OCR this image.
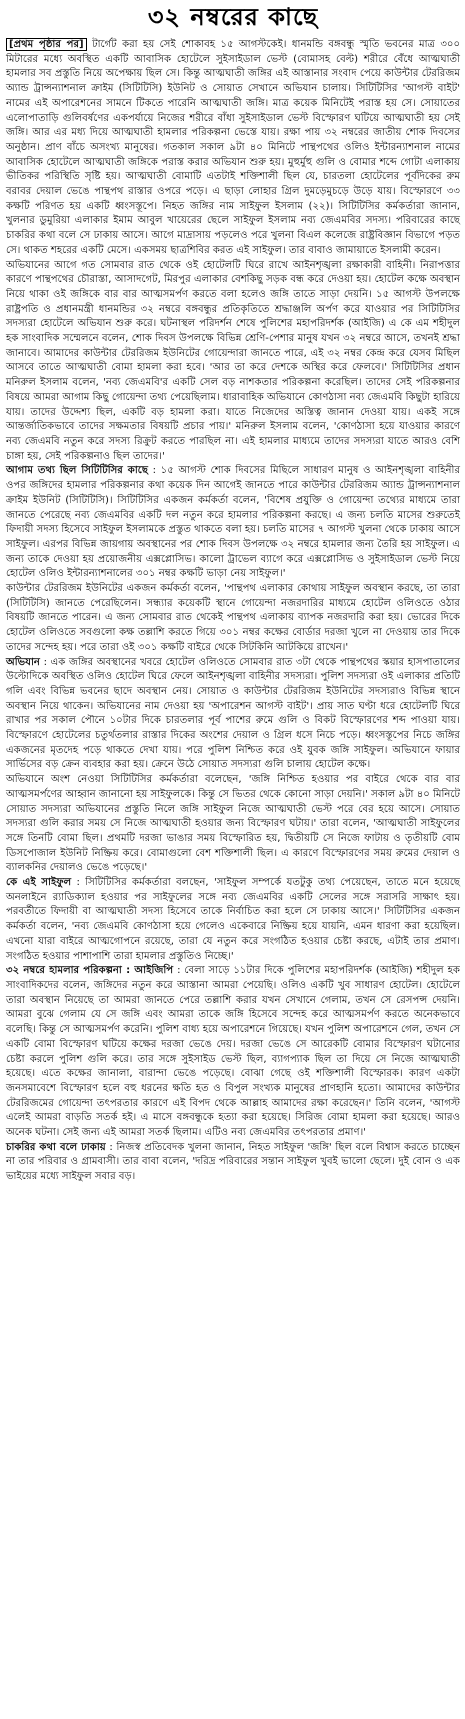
৩২ নম্বরের কাছে

[প্রথম পৃষ্ঠার পর] টার্গেট করা হয় সেই শোকাবহ ১৫ আগস্টকেই। ধানমন্ডি বঙ্গবন্ধু স্মৃতি ভবনের মাত্র ৩০০ মিটারের মধ্যে অবস্থিত একটি আবাসিক হোটেলে সুইসাইডাল ভেস্ট (বোমাসহ বেল্ট) শরীরে বেঁধে আত্মঘাতী হামলার সব প্রস্তুতি নিয়ে অপেক্ষায় ছিল সে। কিন্তু আত্মঘাতী জঙ্গির এই আস্তানার সংবাদ পেয়ে কাউন্টার টেররিজম অ্যান্ড ট্রান্সন্যাশনাল ক্রাইম (সিটিটিসি) ইউনিট ও সোয়াত সেখানে অভিযান চালায়। সিটিটিসির 'আগস্ট বাইট' নামের এই অপারেশনের সামনে টিকতে পারেনি আত্মঘাতী জঙ্গি। মাত্র কয়েক মিনিটেই পরাস্ত হয় সে। সোয়াতের এলোপাতাড়ি গুলিবর্ষণের একপর্যায়ে নিজের শরীরে বাঁধা সুইসাইডাল ভেস্ট বিস্ফোরণ ঘটিয়ে আত্মঘাতী হয় সেই জঙ্গি। আর এর মধ্য দিয়ে আত্মঘাতী হামলার পরিকল্পনা ভেস্তে যায়। রক্ষা পায় ৩২ নম্বরের জাতীয় শোক দিবসের অনুষ্ঠান। প্রাণ বাঁচে অসংখ্য মানুষের। গতকাল সকাল ৯টা ৪০ মিনিটে পান্থপথের ওলিও ইন্টারন্যাশনাল নামের আবাসিক হোটেলে আত্মঘাতী জঙ্গিকে পরাস্ত করার অভিযান শুরু হয়। মুহুর্মুহু গুলি ও বোমার শব্দে গোটা এলাকায় ভীতিকর পরিস্থিতি সৃষ্টি হয়। আত্মঘাতী বোমাটি এতটাই শক্তিশালী ছিল যে, চারতলা হোটেলের পূর্বদিকের রুম বরাবর দেয়াল ভেঙে পান্থপথ রাস্তার ওপরে পড়ে। এ ছাড়া লোহার গ্রিল দুমড়েমুচড়ে উড়ে যায়। বিস্ফোরণে ৩৩ কক্ষটি পরিণত হয় একটি ধ্বংসস্তূপে। নিহত জঙ্গির নাম সাইফুল ইসলাম (২২)। সিটিটিসির কর্মকর্তারা জানান, খুলনার ডুমুরিয়া এলাকার ইমাম আবুল খায়েরের ছেলে সাইফুল ইসলাম নব্য জেএমবির সদস্য। পরিবারের কাছে চাকরির কথা বলে সে ঢাকায় আসে। আগে মাদ্রাসায় পড়লেও পরে খুলনা বিএল কলেজে রাষ্ট্রবিজ্ঞান বিভাগে পড়ত সে। থাকত শহরের একটি মেসে। একসময় ছাত্রশিবির করত এই সাইফুল। তার বাবাও জামায়াতে ইসলামী করেন।

অভিযানের আগে গত সোমবার রাত থেকে ওই হোটেলটি ঘিরে রাখে আইনশৃঙ্খলা রক্ষাকারী বাহিনী। নিরাপত্তার কারণে পান্থপথের চৌরাস্তা, আসাদগেট, মিরপুর এলাকার বেশকিছু সড়ক বন্ধ করে দেওয়া হয়। হোটেল কক্ষে অবস্থান নিয়ে থাকা ওই জঙ্গিকে বার বার আত্মসমর্পণ করতে বলা হলেও জঙ্গি তাতে সাড়া দেয়নি। ১৫ আগস্ট উপলক্ষে রাষ্ট্রপতি ও প্রধানমন্ত্রী ধানমন্ডির ৩২ নম্বরে বঙ্গবন্ধুর প্রতিকৃতিতে শ্রদ্ধাঞ্জলি অর্পণ করে যাওয়ার পর সিটিটিসির সদস্যরা হোটেলে অভিযান শুরু করে। ঘটনাস্থল পরিদর্শন শেষে পুলিশের মহাপরিদর্শক (আইজি) এ কে এম শহীদুল হক সাংবাদিক সম্মেলনে বলেন, শোক দিবস উপলক্ষে বিভিন্ন শ্রেণি-পেশার মানুষ যখন ৩২ নম্বরে আসে, তখনই শ্রদ্ধা জানাবে। আমাদের কাউন্টার টেররিজম ইউনিটের গোয়েন্দারা জানতে পারে, এই ৩২ নম্বর কেন্দ্র করে যেসব মিছিল আসবে তাতে আত্মঘাতী বোমা হামলা করা হবে। 'আর তা করে দেশকে অস্থির করে ফেলবে।' সিটিটিসির প্রধান মনিরুল ইসলাম বলেন, 'নব্য জেএমবি'র একটি সেল বড় নাশকতার পরিকল্পনা করেছিল। তাদের সেই পরিকল্পনার বিষয়ে আমরা আগাম কিছু গোয়েন্দা তথ্য পেয়েছিলাম। ধারাবাহিক অভিযানে কোণঠাসা নব্য জেএমবি কিছুটা হারিয়ে যায়। তাদের উদ্দেশ্য ছিল, একটি বড় হামলা করা। যাতে নিজেদের অস্তিত্ব জানান দেওয়া যায়। একই সঙ্গে আন্তর্জাতিকভাবে তাদের সক্ষমতার বিষয়টি প্রচার পায়।' মনিরুল ইসলাম বলেন, 'কোণঠাসা হয়ে যাওয়ার কারণে নব্য জেএমবি নতুন করে সদস্য রিক্রুট করতে পারছিল না। এই হামলার মাধ্যমে তাদের সদস্যরা যাতে আরও বেশি চাঙ্গা হয়, সেই পরিকল্পনাও ছিল তাদের।'

আগাম তথ্য ছিল সিটিটিসির কাছে : ১৫ আগস্ট শোক দিবসের মিছিলে সাধারণ মানুষ ও আইনশৃঙ্খলা বাহিনীর ওপর জঙ্গিদের হামলার পরিকল্পনার কথা কয়েক দিন আগেই জানতে পারে কাউন্টার টেররিজম অ্যান্ড ট্রান্সন্যাশনাল ক্রাইম ইউনিট (সিটিটিসি)। সিটিটিসির একজন কর্মকর্তা বলেন, 'বিশেষ প্রযুক্তি ও গোয়েন্দা তথ্যের মাধ্যমে তারা জানতে পেরেছে নব্য জেএমবির একটি দল নতুন করে হামলার পরিকল্পনা করছে। এ জন্য চলতি মাসের শুরুতেই ফিদায়ী সদস্য হিসেবে সাইফুল ইসলামকে প্রস্তুত থাকতে বলা হয়। চলতি মাসের ৭ আগস্ট খুলনা থেকে ঢাকায় আসে সাইফুল। এরপর বিভিন্ন জায়গায় অবস্থানের পর শোক দিবস উপলক্ষে ৩২ নম্বরে হামলার জন্য তৈরি হয় সাইফুল। এ জন্য তাকে দেওয়া হয় প্রয়োজনীয় এক্সপ্লোসিভ। কালো ট্রাভেল ব্যাগে করে এক্সপ্লোসিভ ও সুইসাইডাল ভেস্ট নিয়ে হোটেল ওলিও ইন্টারন্যাশনালের ৩০১ নম্বর কক্ষটি ভাড়া নেয় সাইফুল।'

কাউন্টার টেররিজম ইউনিটের একজন কর্মকর্তা বলেন, 'পান্থপথ এলাকার কোথায় সাইফুল অবস্থান করছে, তা তারা (সিটিটিসি) জানতে পেরেছিলেন। সন্ধ্যার কয়েকটি স্থানে গোয়েন্দা নজরদারির মাধ্যমে হোটেল ওলিওতে ওঠার বিষয়টি জানতে পারেন। এ জন্য সোমবার রাত থেকেই পান্থপথ এলাকায় ব্যাপক নজরদারি করা হয়। ভোরের দিকে হোটেল ওলিওতে সবগুলো কক্ষ তল্লাশি করতে গিয়ে ৩০১ নম্বর কক্ষের বোর্ডার দরজা খুলে না দেওয়ায় তার দিকে তাদের সন্দেহ হয়। পরে তারা ওই ৩০১ কক্ষটি বাইরে থেকে সিটকিনি আটকিয়ে রাখেন।'

অভিযান : এক জঙ্গির অবস্থানের খবরে হোটেল ওলিওতে সোমবার রাত ৩টা থেকে পান্থপথের স্কয়ার হাসপাতালের উল্টোদিকে অবস্থিত ওলিও হোটেল ঘিরে ফেলে আইনশৃঙ্খলা বাহিনীর সদস্যরা। পুলিশ সদস্যরা ওই এলাকার প্রতিটি গলি এবং বিভিন্ন ভবনের ছাদে অবস্থান নেয়। সোয়াত ও কাউন্টার টেররিজম ইউনিটের সদস্যরাও বিভিন্ন স্থানে অবস্থান নিয়ে থাকেন। অভিযানের নাম দেওয়া হয় 'অপারেশন আগস্ট বাইট'। প্রায় সাত ঘণ্টা ধরে হোটেলটি ঘিরে রাখার পর সকাল পৌনে ১০টার দিকে চারতলার পূর্ব পাশের রুমে গুলি ও বিকট বিস্ফোরণের শব্দ পাওয়া যায়। বিস্ফোরণে হোটেলের চতুর্থতলার রাস্তার দিকের অংশের দেয়াল ও গ্রিল ধসে নিচে পড়ে। ধ্বংসস্তূপের নিচে জঙ্গির একজনের মৃতদেহ পড়ে থাকতে দেখা যায়। পরে পুলিশ নিশ্চিত করে ওই যুবক জঙ্গি সাইফুল। অভিযানে ফায়ার সার্ভিসের বড় ক্রেন ব্যবহার করা হয়। ক্রেনে উঠে সোয়াত সদস্যরা গুলি চালায় হোটেল কক্ষে।

অভিযানে অংশ নেওয়া সিটিটিসির কর্মকর্তারা বলেছেন, 'জঙ্গি নিশ্চিত হওয়ার পর বাইরে থেকে বার বার আত্মসমর্পণের আহ্বান জানানো হয় সাইফুলকে। কিন্তু সে ভিতর থেকে কোনো সাড়া দেয়নি।' সকাল ৯টা ৪০ মিনিটে সোয়াত সদস্যরা অভিযানের প্রস্তুতি নিলে জঙ্গি সাইফুল নিজে আত্মঘাতী ভেস্ট পরে বের হয়ে আসে। সোয়াত সদস্যরা গুলি করার সময় সে নিজে আত্মঘাতী হওয়ার জন্য বিস্ফোরণ ঘটায়।' তারা বলেন, 'আত্মঘাতী সাইফুলের সঙ্গে তিনটি বোমা ছিল। প্রথমটি দরজা ভাঙার সময় বিস্ফোরিত হয়, দ্বিতীয়টি সে নিজে ফাটায় ও তৃতীয়টি বোম ডিসপোজাল ইউনিট নিষ্ক্রিয় করে। বোমাগুলো বেশ শক্তিশালী ছিল। এ কারণে বিস্ফোরণের সময় রুমের দেয়াল ও ব্যালকনির দেয়ালও ভেঙে পড়েছে।'

কে এই সাইফুল : সিটিটিসির কর্মকর্তারা বলছেন, 'সাইফুল সম্পর্কে যতটুকু তথ্য পেয়েছেন, তাতে মনে হয়েছে অনলাইনে র‌্যাডিক্যাল হওয়ার পর সাইফুলের সঙ্গে নব্য জেএমবির একটি সেলের সঙ্গে সরাসরি সাক্ষাৎ হয়। পরবর্তীতে ফিদায়ী বা আত্মঘাতী সদস্য হিসেবে তাকে নির্বাচিত করা হলে সে ঢাকায় আসে।' সিটিটিসির একজন কর্মকর্তা বলেন, 'নব্য জেএমবি কোণঠাসা হয়ে গেলেও একেবারে নিষ্ক্রিয় হয়ে যায়নি, এমন ধারণা করা হয়েছিল। এখনো যারা বাইরে আত্মগোপনে রয়েছে, তারা যে নতুন করে সংগঠিত হওয়ার চেষ্টা করছে, এটাই তার প্রমাণ। সংগঠিত হওয়ার পাশাপাশি তারা হামলার প্রস্তুতিও নিচ্ছে।'

৩২ নম্বরে হামলার পরিকল্পনা : আইজিপি : বেলা সাড়ে ১১টার দিকে পুলিশের মহাপরিদর্শক (আইজি) শহীদুল হক সাংবাদিকদের বলেন, জঙ্গিদের নতুন করে আস্তানা আমরা পেয়েছি। ওলিও একটি খুব সাধারণ হোটেল। হোটেলে তারা অবস্থান নিয়েছে তা আমরা জানতে পেরে তল্লাশি করার যখন সেখানে গেলাম, তখন সে রেসপন্স দেয়নি। আমরা বুঝে গেলাম যে সে জঙ্গি এবং আমরা তাকে জঙ্গি হিসেবে সন্দেহ করে আত্মসমর্পণ করতে অনেকভাবে বলেছি। কিন্তু সে আত্মসমর্পণ করেনি। পুলিশ বাধ্য হয়ে অপারেশনে গিয়েছে। যখন পুলিশ অপারেশনে গেল, তখন সে একটি বোমা বিস্ফোরণ ঘটিয়ে কক্ষের দরজা ভেঙে দেয়। দরজা ভেঙে সে আরেকটি বোমার বিস্ফোরণ ঘটানোর চেষ্টা করলে পুলিশ গুলি করে। তার সঙ্গে সুইসাইড ভেস্ট ছিল, ব্যাগপ্যাক ছিল তা দিয়ে সে নিজে আত্মঘাতী হয়েছে। এতে কক্ষের জানালা, বারান্দা ভেঙে পড়েছে। বোঝা গেছে ওই শক্তিশালী বিস্ফোরক। কারণ একটা জনসমাবেশে বিস্ফোরণ হলে বহু ধরনের ক্ষতি হত ও বিপুল সংখ্যক মানুষের প্রাণহানি হতো। আমাদের কাউন্টার টেররিজমের গোয়েন্দা তৎপরতার কারণে এই বিপদ থেকে আল্লাহ আমাদের রক্ষা করেছেন।' তিনি বলেন, 'আগস্ট এলেই আমরা বাড়তি সতর্ক হই। এ মাসে বঙ্গবন্ধুকে হত্যা করা হয়েছে। সিরিজ বোমা হামলা করা হয়েছে। আরও অনেক ঘটনা। সেই জন্য এই আমরা সতর্ক ছিলাম। এটিও নব্য জেএমবির তৎপরতার প্রমাণ।'

চাকরির কথা বলে ঢাকায় : নিজস্ব প্রতিবেদক খুলনা জানান, নিহত সাইফুল 'জঙ্গি' ছিল বলে বিশ্বাস করতে চাচ্ছেন না তার পরিবার ও গ্রামবাসী। তার বাবা বলেন, 'দরিদ্র পরিবারের সন্তান সাইফুল খুবই ভালো ছেলে। দুই বোন ও এক ভাইয়ের মধ্যে সাইফুল সবার বড়।
